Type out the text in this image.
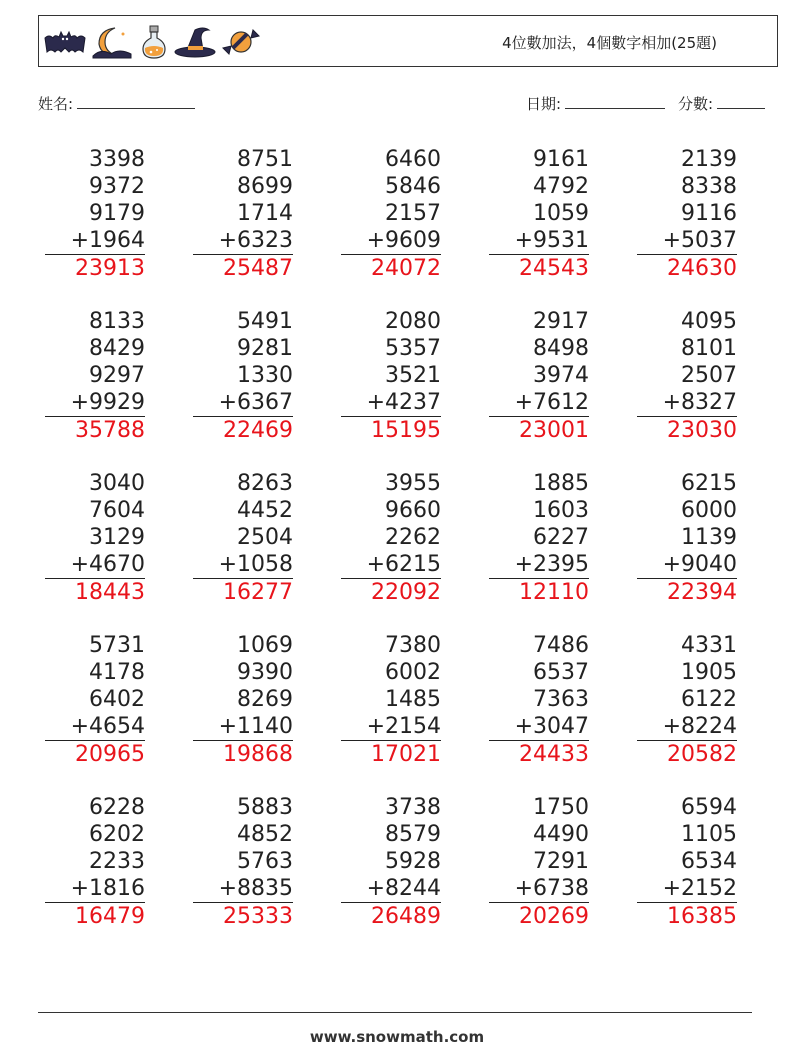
4位數加法，4個數字相加(25題)
姓名:	日期:	分數:
3398
9372
9179
+1964
23913
8751
8699
1714
+6323
25487
6460
5846
2157
+9609
24072
9161
4792
1059
+9531
24543
2139
8338
9116
+5037
24630
8133
8429
9297
+9929
35788
5491
9281
1330
+6367
22469
2080
5357
3521
+4237
15195
2917
8498
3974
+7612
23001
4095
8101
2507
+8327
23030
3040
7604
3129
+4670
18443
8263
4452
2504
+1058
16277
3955
9660
2262
+6215
22092
1885
1603
6227
+2395
12110
6215
6000
1139
+9040
22394
5731
4178
6402
+4654
20965
1069
9390
8269
+1140
19868
7380
6002
1485
+2154
17021
7486
6537
7363
+3047
24433
4331
1905
6122
+8224
20582
6228
6202
2233
+1816
16479
5883
4852
5763
+8835
25333
3738
8579
5928
+8244
26489
1750
4490
7291
+6738
20269
6594
1105
6534
+2152
16385
www.snowmath.com
